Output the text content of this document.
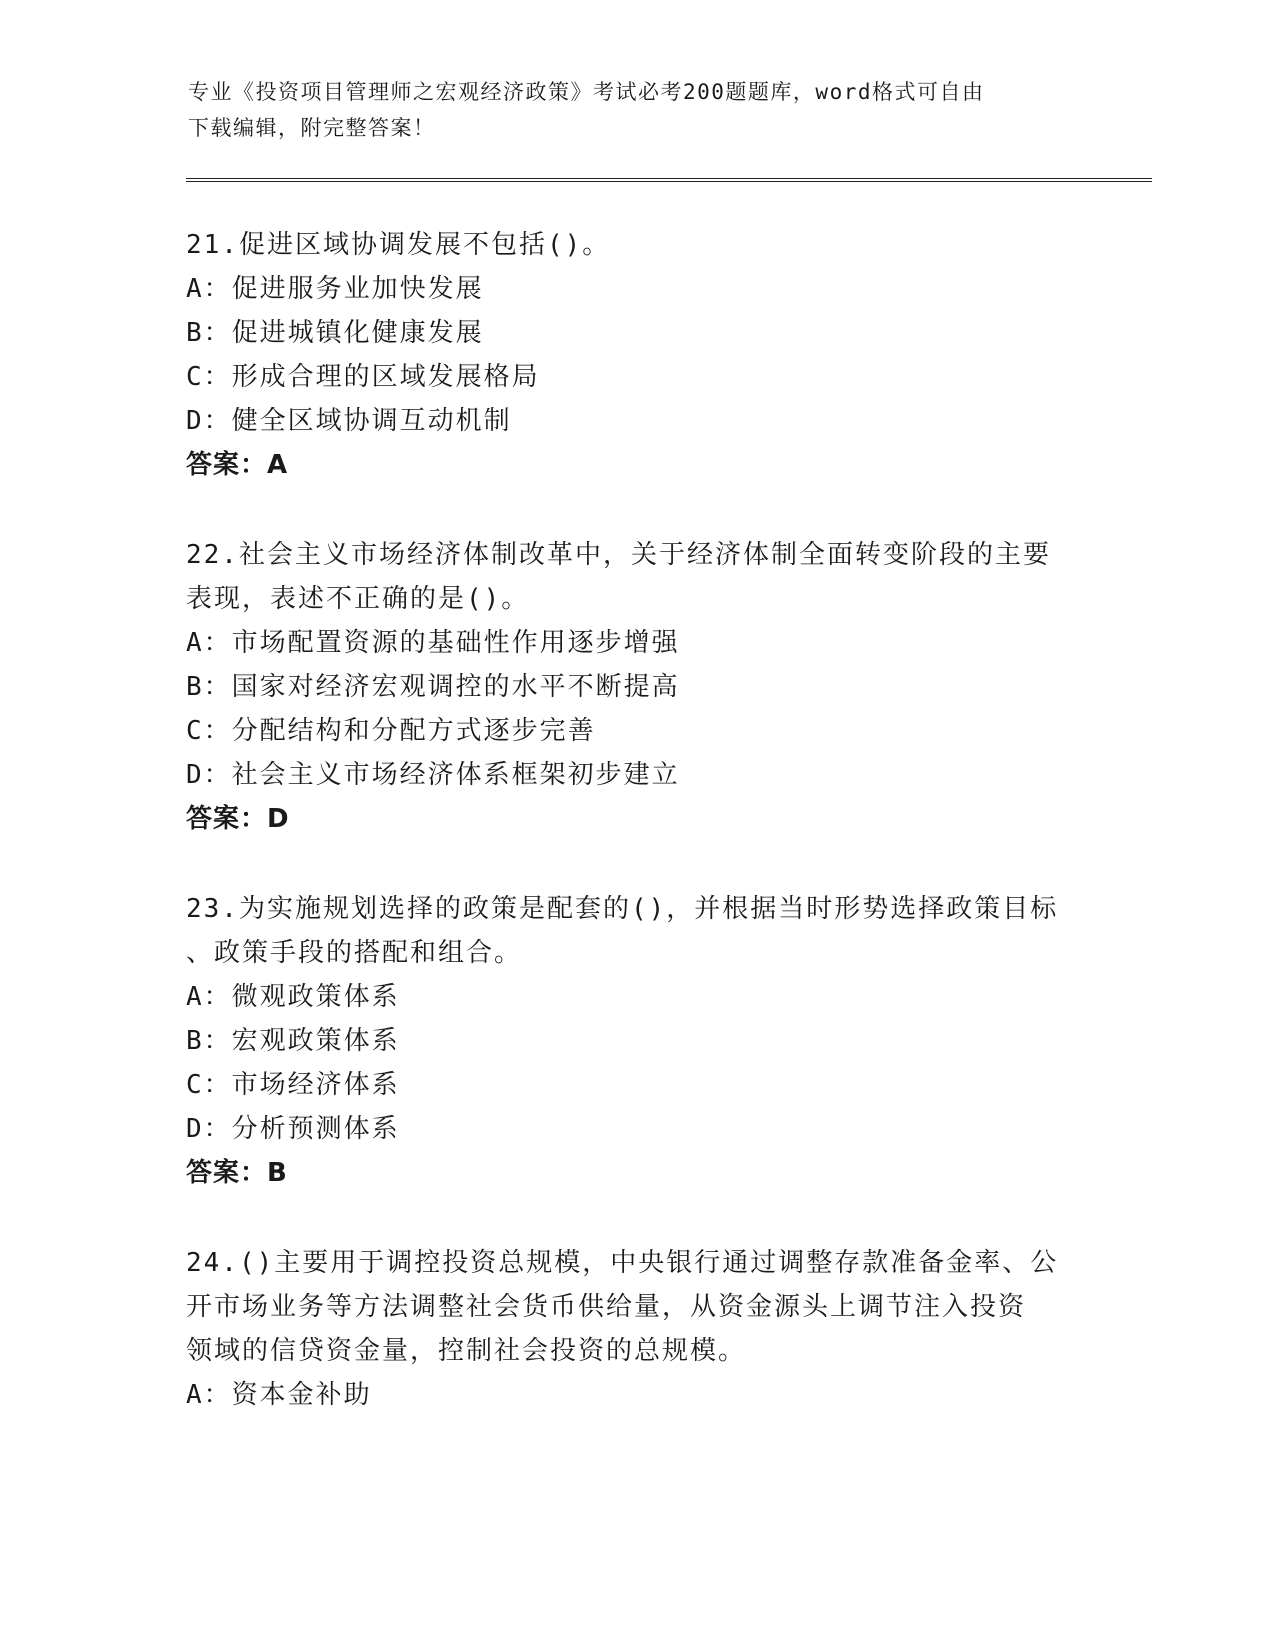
专业《投资项目管理师之宏观经济政策》考试必考200题题库，word格式可自由
下载编辑，附完整答案！
21.促进区域协调发展不包括()。
A：促进服务业加快发展
B：促进城镇化健康发展
C：形成合理的区域发展格局
D：健全区域协调互动机制
答案：A
22.社会主义市场经济体制改革中，关于经济体制全面转变阶段的主要
表现，表述不正确的是()。
A：市场配置资源的基础性作用逐步增强
B：国家对经济宏观调控的水平不断提高
C：分配结构和分配方式逐步完善
D：社会主义市场经济体系框架初步建立
答案：D
23.为实施规划选择的政策是配套的()，并根据当时形势选择政策目标
、政策手段的搭配和组合。
A：微观政策体系
B：宏观政策体系
C：市场经济体系
D：分析预测体系
答案：B
24.()主要用于调控投资总规模，中央银行通过调整存款准备金率、公
开市场业务等方法调整社会货币供给量，从资金源头上调节注入投资
领域的信贷资金量，控制社会投资的总规模。
A：资本金补助
